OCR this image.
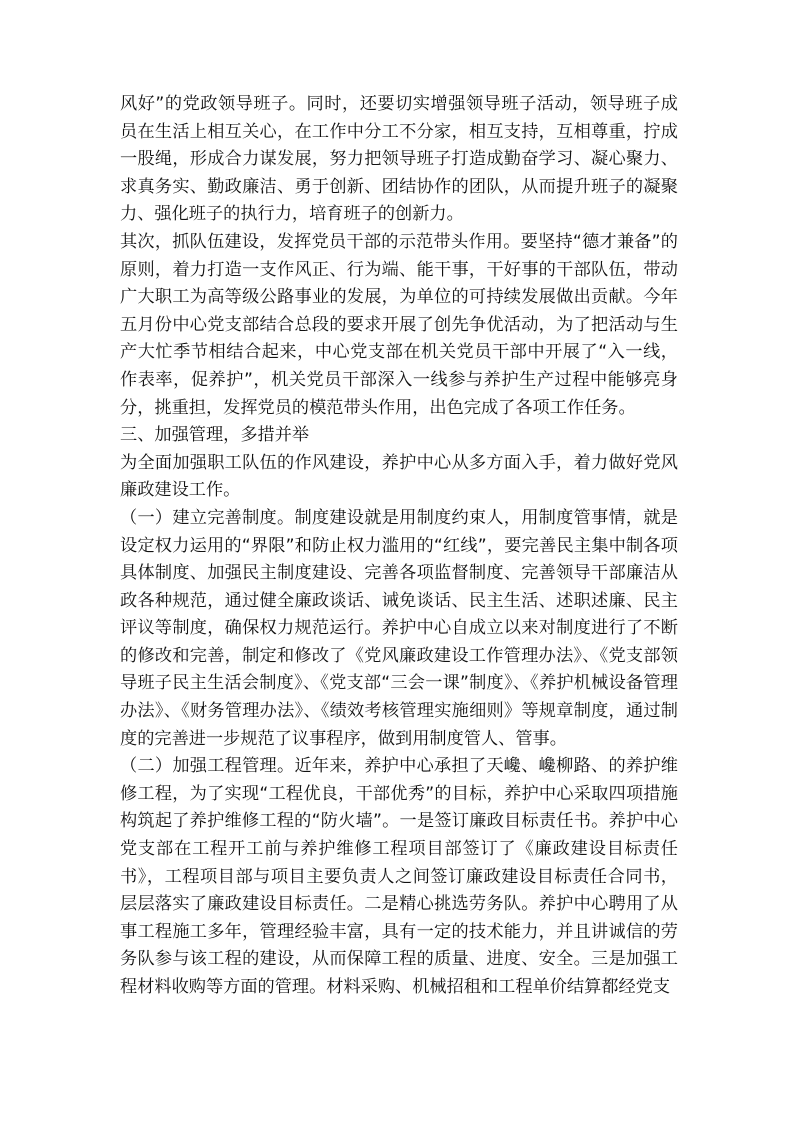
风好”的党政领导班子。同时，还要切实增强领导班子活动，领导班子成员在生活上相互关心，在工作中分工不分家，相互支持，互相尊重，拧成一股绳，形成合力谋发展，努力把领导班子打造成勤奋学习、凝心聚力、求真务实、勤政廉洁、勇于创新、团结协作的团队，从而提升班子的凝聚力、强化班子的执行力，培育班子的创新力。

其次，抓队伍建设，发挥党员干部的示范带头作用。要坚持“德才兼备”的原则，着力打造一支作风正、行为端、能干事，干好事的干部队伍，带动广大职工为高等级公路事业的发展，为单位的可持续发展做出贡献。今年五月份中心党支部结合总段的要求开展了创先争优活动，为了把活动与生产大忙季节相结合起来，中心党支部在机关党员干部中开展了“入一线，作表率，促养护”，机关党员干部深入一线参与养护生产过程中能够亮身分，挑重担，发挥党员的模范带头作用，出色完成了各项工作任务。

三、加强管理，多措并举

为全面加强职工队伍的作风建设，养护中心从多方面入手，着力做好党风廉政建设工作。

（一）建立完善制度。制度建设就是用制度约束人，用制度管事情，就是设定权力运用的“界限”和防止权力滥用的“红线”，要完善民主集中制各项具体制度、加强民主制度建设、完善各项监督制度、完善领导干部廉洁从政各种规范，通过健全廉政谈话、诫免谈话、民主生活、述职述廉、民主评议等制度，确保权力规范运行。养护中心自成立以来对制度进行了不断的修改和完善，制定和修改了《党风廉政建设工作管理办法》、《党支部领导班子民主生活会制度》、《党支部“三会一课”制度》、《养护机械设备管理办法》、《财务管理办法》、《绩效考核管理实施细则》等规章制度，通过制度的完善进一步规范了议事程序，做到用制度管人、管事。

（二）加强工程管理。近年来，养护中心承担了天巉、巉柳路、的养护维修工程，为了实现“工程优良，干部优秀”的目标，养护中心采取四项措施构筑起了养护维修工程的“防火墙”。一是签订廉政目标责任书。养护中心党支部在工程开工前与养护维修工程项目部签订了《廉政建设目标责任书》，工程项目部与项目主要负责人之间签订廉政建设目标责任合同书，层层落实了廉政建设目标责任。二是精心挑选劳务队。养护中心聘用了从事工程施工多年，管理经验丰富，具有一定的技术能力，并且讲诚信的劳务队参与该工程的建设，从而保障工程的质量、进度、安全。三是加强工程材料收购等方面的管理。材料采购、机械招租和工程单价结算都经党支
